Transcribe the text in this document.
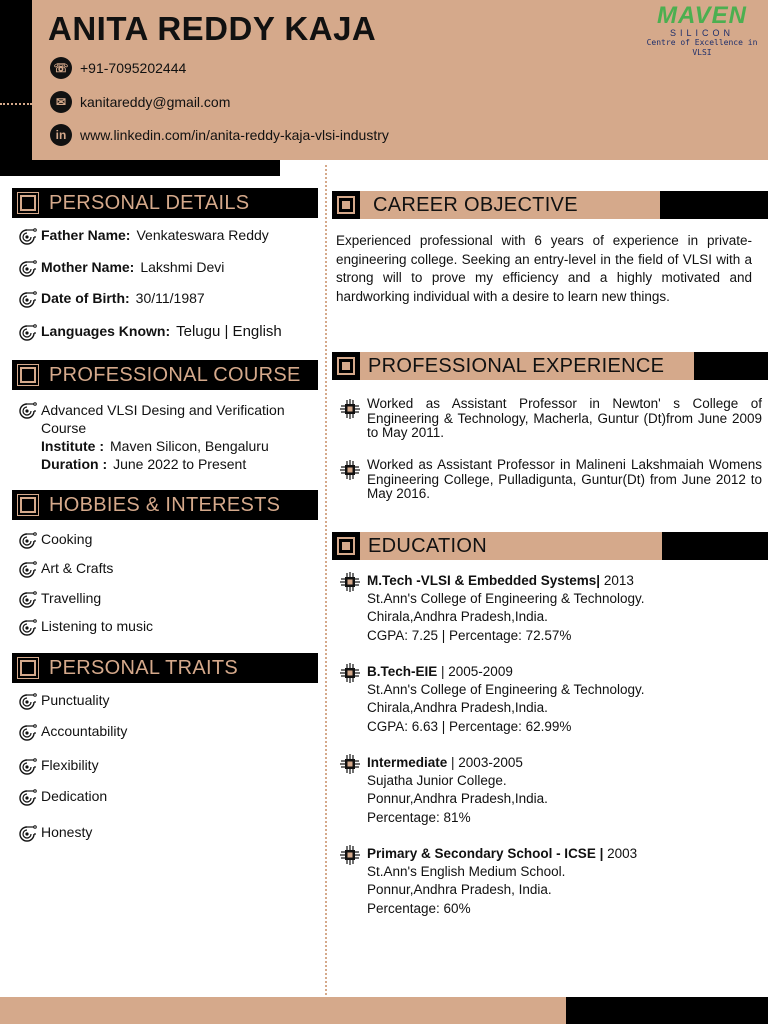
ANITA REDDY KAJA
☏ +91-7095202444
✉ kanitareddy@gmail.com
in www.linkedin.com/in/anita-reddy-kaja-vlsi-industry
MAVEN
SILICON
Centre of Excellence in VLSI
PERSONAL DETAILS
Father Name: Venkateswara Reddy
Mother Name: Lakshmi Devi
Date of Birth: 30/11/1987
Languages Known: Telugu | English
PROFESSIONAL COURSE
Advanced VLSI Desing and Verification Course
Institute : Maven Silicon, Bengaluru
Duration : June 2022 to Present
HOBBIES & INTERESTS
Cooking
Art & Crafts
Travelling
Listening to music
PERSONAL TRAITS
Punctuality
Accountability
Flexibility
Dedication
Honesty
CAREER OBJECTIVE
Experienced professional with 6 years of experience in private-engineering college. Seeking an entry-level in the field of VLSI with a strong will to prove my efficiency and a highly motivated and hardworking individual with a desire to learn new things.
PROFESSIONAL EXPERIENCE
Worked as Assistant Professor in Newton' s College of Engineering & Technology, Macherla, Guntur (Dt)from June 2009 to May 2011.
Worked as Assistant Professor in Malineni Lakshmaiah Womens Engineering College, Pulladigunta, Guntur(Dt) from June 2012 to May 2016.
EDUCATION
M.Tech -VLSI & Embedded Systems| 2013
St.Ann's College of Engineering & Technology.
Chirala,Andhra Pradesh,India.
CGPA: 7.25 | Percentage: 72.57%
B.Tech-EIE | 2005-2009
St.Ann's College of Engineering & Technology.
Chirala,Andhra Pradesh,India.
CGPA: 6.63 | Percentage: 62.99%
Intermediate | 2003-2005
Sujatha Junior College.
Ponnur,Andhra Pradesh,India.
Percentage: 81%
Primary & Secondary School - ICSE | 2003
St.Ann's English Medium School.
Ponnur,Andhra Pradesh, India.
Percentage: 60%
